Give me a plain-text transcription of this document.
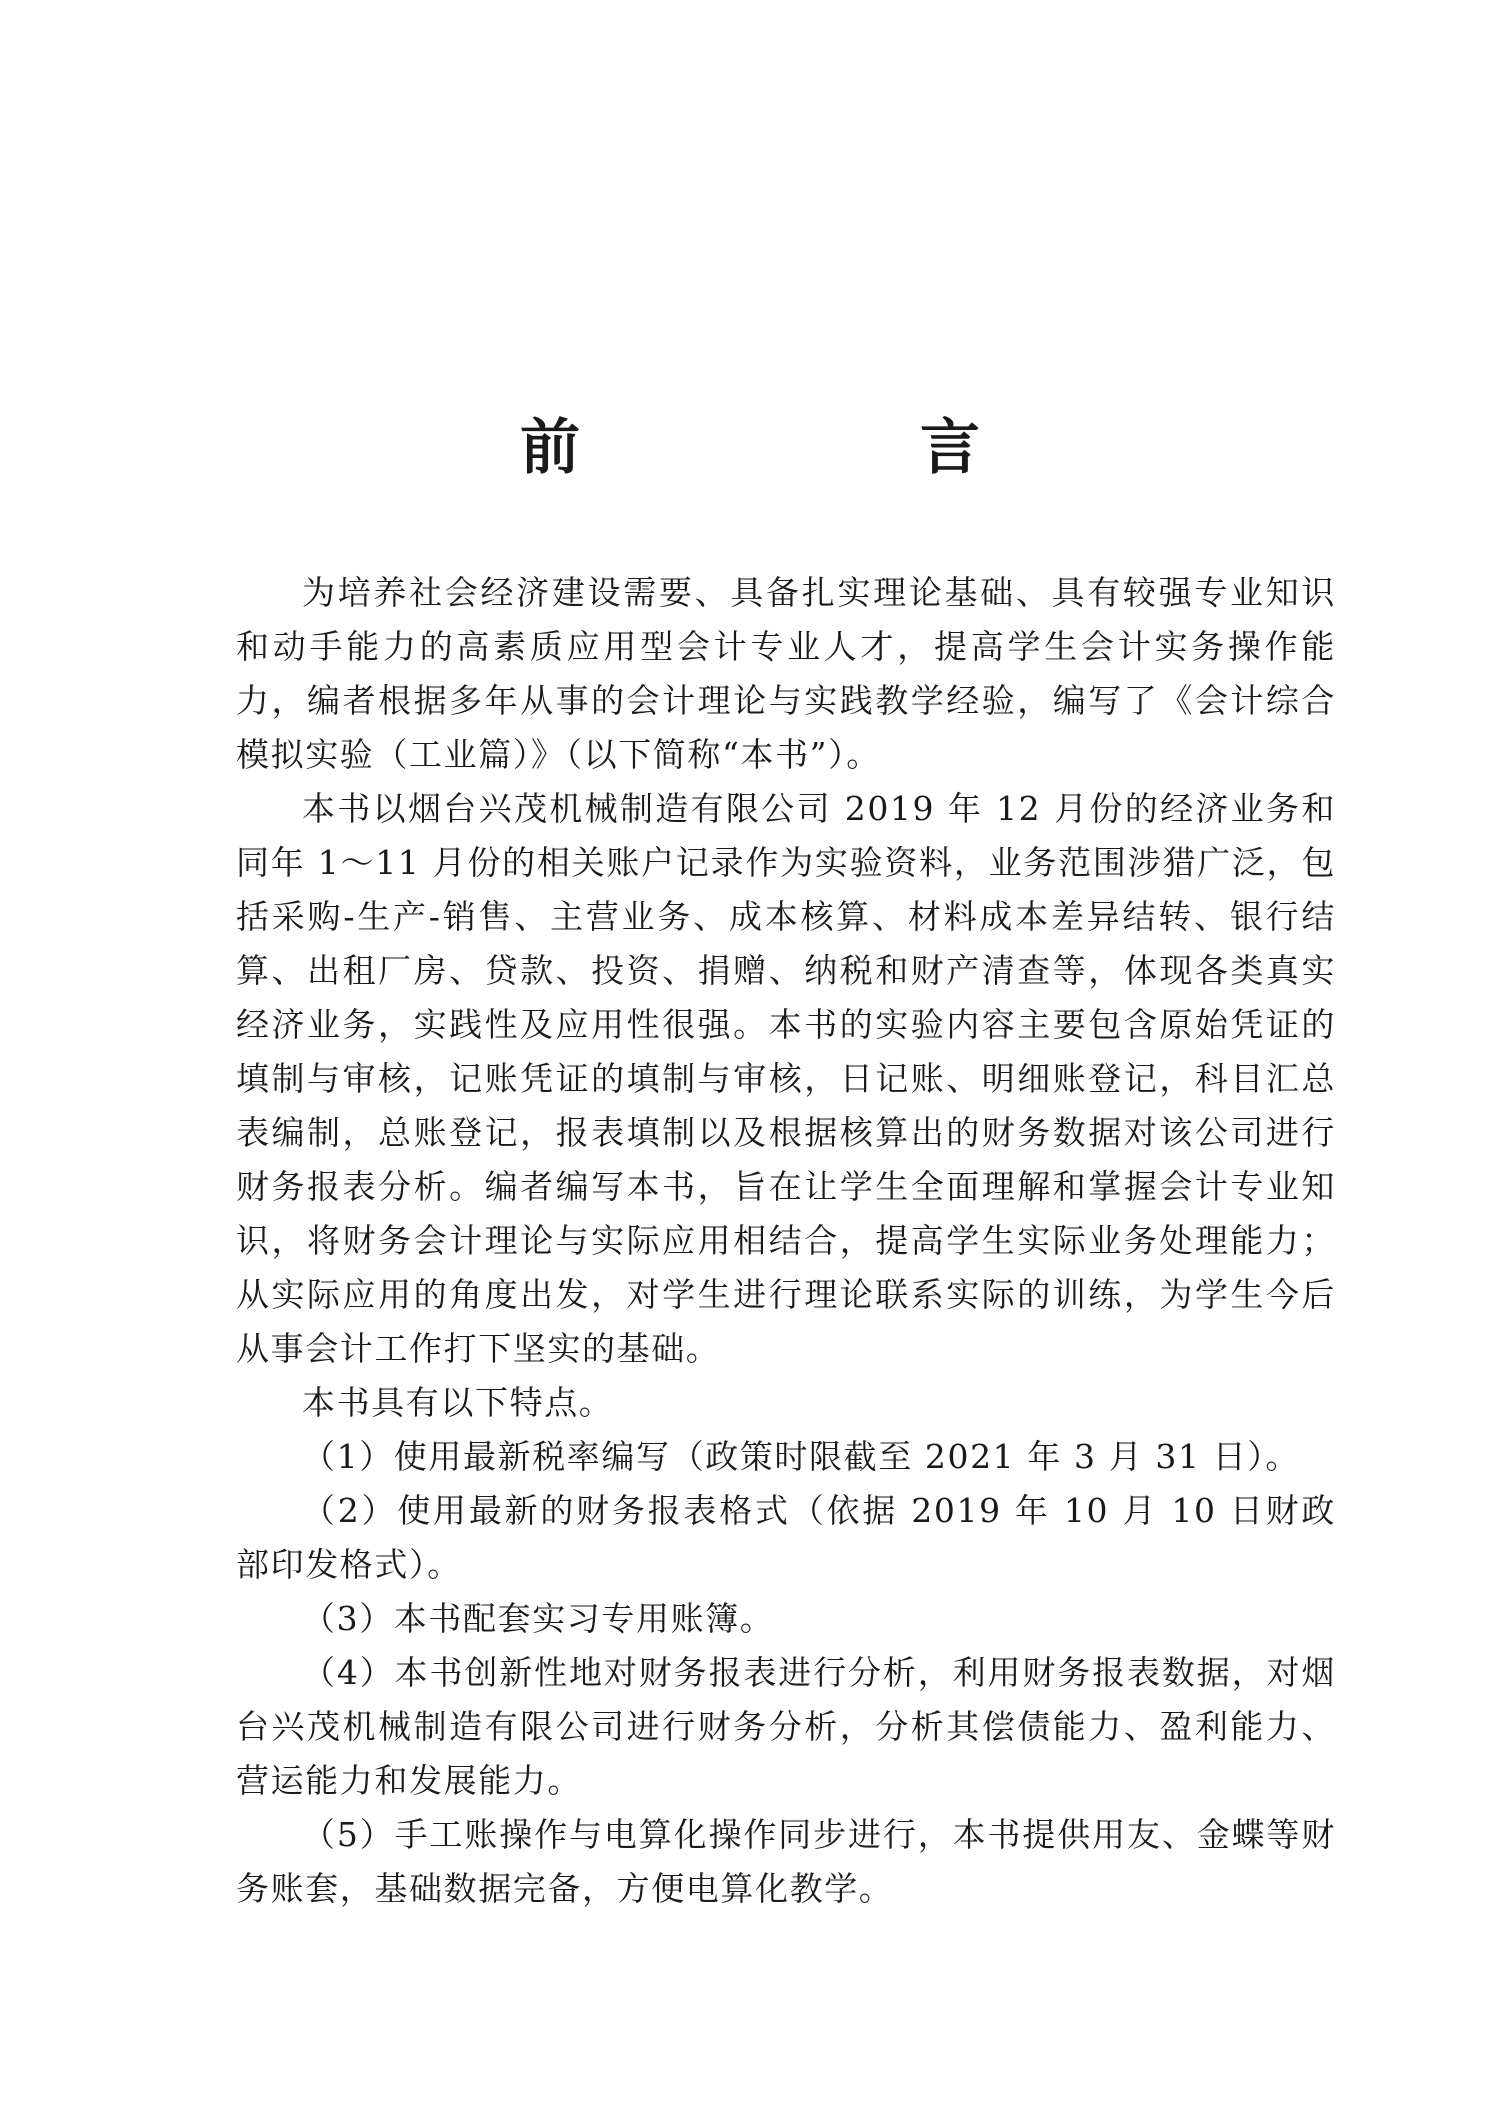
前　言

为培养社会经济建设需要、具备扎实理论基础、具有较强专业知识和动手能力的高素质应用型会计专业人才，提高学生会计实务操作能力，编者根据多年从事的会计理论与实践教学经验，编写了《会计综合模拟实验（工业篇）》（以下简称“本书”）。

本书以烟台兴茂机械制造有限公司 2019 年 12 月份的经济业务和同年 1～11 月份的相关账户记录作为实验资料，业务范围涉猎广泛，包括采购-生产-销售、主营业务、成本核算、材料成本差异结转、银行结算、出租厂房、贷款、投资、捐赠、纳税和财产清查等，体现各类真实经济业务，实践性及应用性很强。本书的实验内容主要包含原始凭证的填制与审核，记账凭证的填制与审核，日记账、明细账登记，科目汇总表编制，总账登记，报表填制以及根据核算出的财务数据对该公司进行财务报表分析。编者编写本书，旨在让学生全面理解和掌握会计专业知识，将财务会计理论与实际应用相结合，提高学生实际业务处理能力；从实际应用的角度出发，对学生进行理论联系实际的训练，为学生今后从事会计工作打下坚实的基础。

本书具有以下特点。

（1）使用最新税率编写（政策时限截至 2021 年 3 月 31 日）。

（2）使用最新的财务报表格式（依据 2019 年 10 月 10 日财政部印发格式）。

（3）本书配套实习专用账簿。

（4）本书创新性地对财务报表进行分析，利用财务报表数据，对烟台兴茂机械制造有限公司进行财务分析，分析其偿债能力、盈利能力、营运能力和发展能力。

（5）手工账操作与电算化操作同步进行，本书提供用友、金蝶等财务账套，基础数据完备，方便电算化教学。
